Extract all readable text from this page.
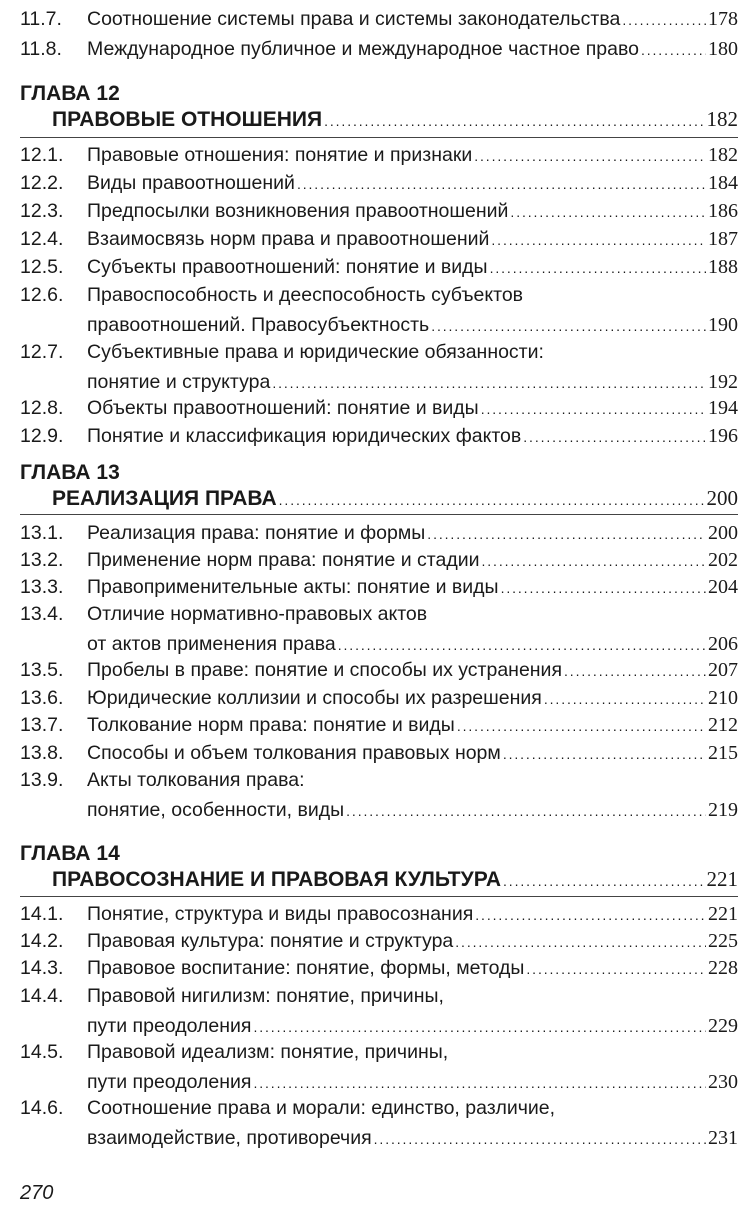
11.7.	Соотношение системы права и системы законодательства . . .	178
11.8.	Международное публичное и международное частное право . . .	180
ГЛАВА 12
ПРАВОВЫЕ ОТНОШЕНИЯ . . .	182
12.1.	Правовые отношения: понятие и признаки . . .	182
12.2.	Виды правоотношений . . .	184
12.3.	Предпосылки возникновения правоотношений . . .	186
12.4.	Взаимосвязь норм права и правоотношений . . .	187
12.5.	Субъекты правоотношений: понятие и виды . . .	188
12.6.	Правоспособность и дееспособность субъектов
правоотношений. Правосубъектность . . .	190
12.7.	Субъективные права и юридические обязанности:
понятие и структура . . .	192
12.8.	Объекты правоотношений: понятие и виды . . .	194
12.9.	Понятие и классификация юридических фактов . . .	196
ГЛАВА 13
РЕАЛИЗАЦИЯ ПРАВА . . .	200
13.1.	Реализация права: понятие и формы . . .	200
13.2.	Применение норм права: понятие и стадии . . .	202
13.3.	Правоприменительные акты: понятие и виды . . .	204
13.4.	Отличие нормативно-правовых актов
от актов применения права . . .	206
13.5.	Пробелы в праве: понятие и способы их устранения . . .	207
13.6.	Юридические коллизии и способы их разрешения . . .	210
13.7.	Толкование норм права: понятие и виды . . .	212
13.8.	Способы и объем толкования правовых норм . . .	215
13.9.	Акты толкования права:
понятие, особенности, виды . . .	219
ГЛАВА 14
ПРАВОСОЗНАНИЕ И ПРАВОВАЯ КУЛЬТУРА . . .	221
14.1.	Понятие, структура и виды правосознания . . .	221
14.2.	Правовая культура: понятие и структура . . .	225
14.3.	Правовое воспитание: понятие, формы, методы . . .	228
14.4.	Правовой нигилизм: понятие, причины,
пути преодоления . . .	229
14.5.	Правовой идеализм: понятие, причины,
пути преодоления . . .	230
14.6.	Соотношение права и морали: единство, различие,
взаимодействие, противоречия . . .	231
270
